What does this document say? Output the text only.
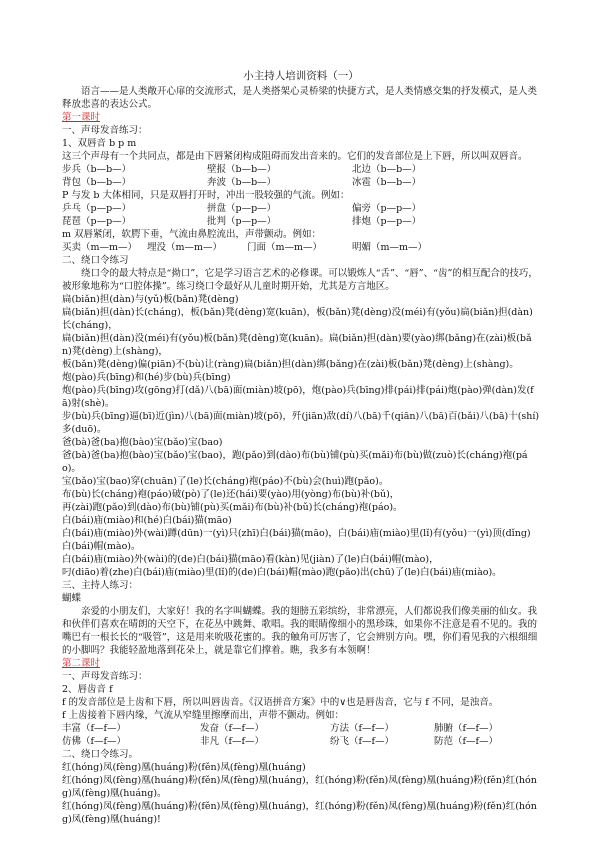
小主持人培训资料（一）

语言——是人类敞开心扉的交流形式，是人类搭架心灵桥梁的快捷方式，是人类情感交集的抒发模式，是人类释放悲喜的表达公式。

第一课时

一、声母发音练习：

1、双唇音 b p m

这三个声母有一个共同点，都是由下唇紧闭构成阻碍而发出音来的。它们的发音部位是上下唇，所以叫双唇音。

步兵（b—b—）	壁报（b—b—）	北边（b—b—）
背包（b—b—）	奔波（b—b—）	冰雹（b—b—）

P 与发 b 大体相同，只是双唇打开时，冲出一股较强的气流。例如：

乒乓（p—p—）	拼盘（p—p—）	偏旁（p—p—）
琵琶（p—p—）	批判（p—p—）	排炮（p—p—）

m 双唇紧闭，软腭下垂，气流由鼻腔流出，声带颤动。例如：

买卖（m—m—）	埋没（m—m—）	门面（m—m—）	明媚（m—m—）

二、绕口令练习

绕口令的最大特点是“拗口”，它是学习语言艺术的必修课。可以锻炼人“舌”、“唇”、“齿”的相互配合的技巧，被形象地称为“口腔体操”。练习绕口令最好从儿童时期开始，尤其是方言地区。

扁(biǎn)担(dàn)与(yǔ)板(bǎn)凳(dèng)

扁(biǎn)担(dàn)长(cháng)，板(bǎn)凳(dèng)宽(kuān)，板(bǎn)凳(dèng)没(méi)有(yǒu)扁(biǎn)担(dàn)长(cháng)，

扁(biǎn)担(dàn)没(méi)有(yǒu)板(bǎn)凳(dèng)宽(kuān)。扁(biǎn)担(dàn)要(yào)绑(bǎng)在(zài)板(bǎn)凳(dèng)上(shàng)，

板(bǎn)凳(dèng)偏(piān)不(bù)让(ràng)扁(biǎn)担(dàn)绑(bǎng)在(zài)板(bǎn)凳(dèng)上(shàng)。

炮(pào)兵(bīng)和(hé)步(bù)兵(bīng)

炮(pào)兵(bīng)攻(gōng)打(dǎ)八(bā)面(miàn)坡(pō)，炮(pào)兵(bīng)排(pái)排(pái)炮(pào)弹(dàn)发(fā)射(shè)。

步(bù)兵(bīng)逼(bī)近(jìn)八(bā)面(miàn)坡(pō)，歼(jiān)敌(dí)八(bā)千(qiān)八(bā)百(bǎi)八(bā)十(shí)多(duō)。

爸(bà)爸(ba)抱(bào)宝(bǎo)宝(bao)

爸(bà)爸(ba)抱(bào)宝(bǎo)宝(bao)，跑(pǎo)到(dào)布(bù)铺(pù)买(mǎi)布(bù)做(zuò)长(cháng)袍(páo)。

宝(bǎo)宝(bao)穿(chuān)了(le)长(cháng)袍(páo)不(bù)会(huì)跑(pǎo)。

布(bù)长(cháng)袍(páo)破(pò)了(le)还(hái)要(yào)用(yòng)布(bù)补(bǔ)，

再(zài)跑(pǎo)到(dào)布(bù)铺(pù)买(mǎi)布(bù)补(bǔ)长(cháng)袍(páo)。

白(bái)庙(miào)和(hé)白(bái)猫(māo)

白(bái)庙(miào)外(wài)蹲(dūn)一(yì)只(zhī)白(bái)猫(māo)，白(bái)庙(miào)里(lǐ)有(yǒu)一(yì)顶(dǐng)白(bái)帽(mào)。

白(bái)庙(miào)外(wài)的(de)白(bái)猫(māo)看(kàn)见(jiàn)了(le)白(bái)帽(mào)，

叼(diāo)着(zhe)白(bái)庙(miào)里(lǐ)的(de)白(bái)帽(mào)跑(pǎo)出(chū)了(le)白(bái)庙(miào)。

三、主持人练习：

蝴蝶

亲爱的小朋友们，大家好！我的名字叫蝴蝶。我的翅膀五彩缤纷，非常漂亮，人们都说我们像美丽的仙女。我和伙伴们喜欢在晴朗的天空下，在花丛中跳舞、歌唱。我的眼睛像细小的黑珍珠，如果你不注意是看不见的。我的嘴巴有一根长长的“吸管”，这是用来吮吸花蜜的。我的触角可厉害了，它会辨别方向。嘿，你们看见我的六根细细的小脚吗？我能轻盈地落到花朵上，就是靠它们撑着。瞧，我多有本领啊！

第二课时

一、声母发音练习：

2、唇齿音 f

f 的发音部位是上齿和下唇，所以叫唇齿音。《汉语拼音方案》中的∨也是唇齿音，它与 f 不同，是浊音。

f 上齿接着下唇内缘，气流从窄缝里擦摩而出，声带不颤动。例如：

丰富（f—f—）	发奋（f—f—）	方法（f—f—）	肺腑（f—f—）
仿佛（f—f—）	非凡（f—f—）	纷飞（f—f—）	防范（f—f—）

二、绕口令练习。

红(hóng)凤(fèng)凰(huáng)粉(fěn)凤(fèng)凰(huáng)

红(hóng)凤(fèng)凰(huáng)粉(fěn)凤(fèng)凰(huáng)，红(hóng)粉(fěn)凤(fèng)凰(huáng)粉(fěn)红(hóng)凤(fèng)凰(huáng)。

红(hóng)凤(fèng)凰(huáng)粉(fěn)凤(fèng)凰(huáng)，红(hóng)粉(fěn)凤(fèng)凰(huáng)粉(fěn)红(hóng)凤(fèng)凰(huáng)!
